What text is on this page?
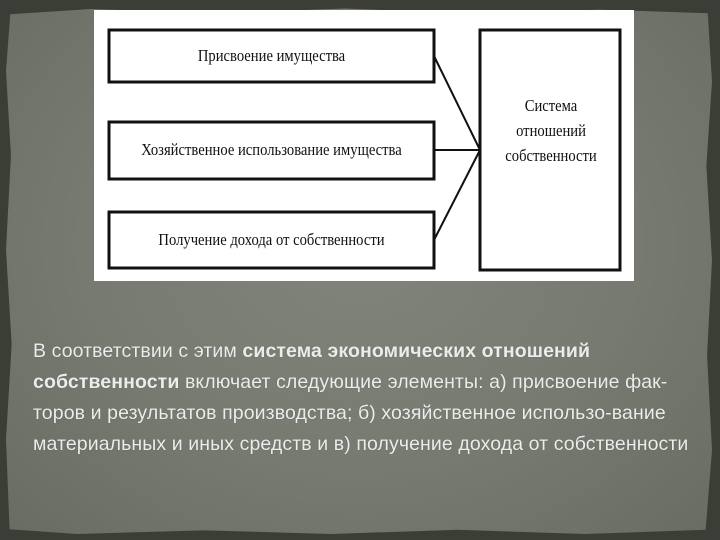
Присвоение имущества
Хозяйственное использование имущества
Получение дохода от собственности
Система
отношений
собственности
В соответствии с этим система экономических отношений собственности включает следующие элементы: а) присвоение фак-торов и результатов производства; б) хозяйственное использо-вание материальных и иных средств и в) получение дохода от собственности
